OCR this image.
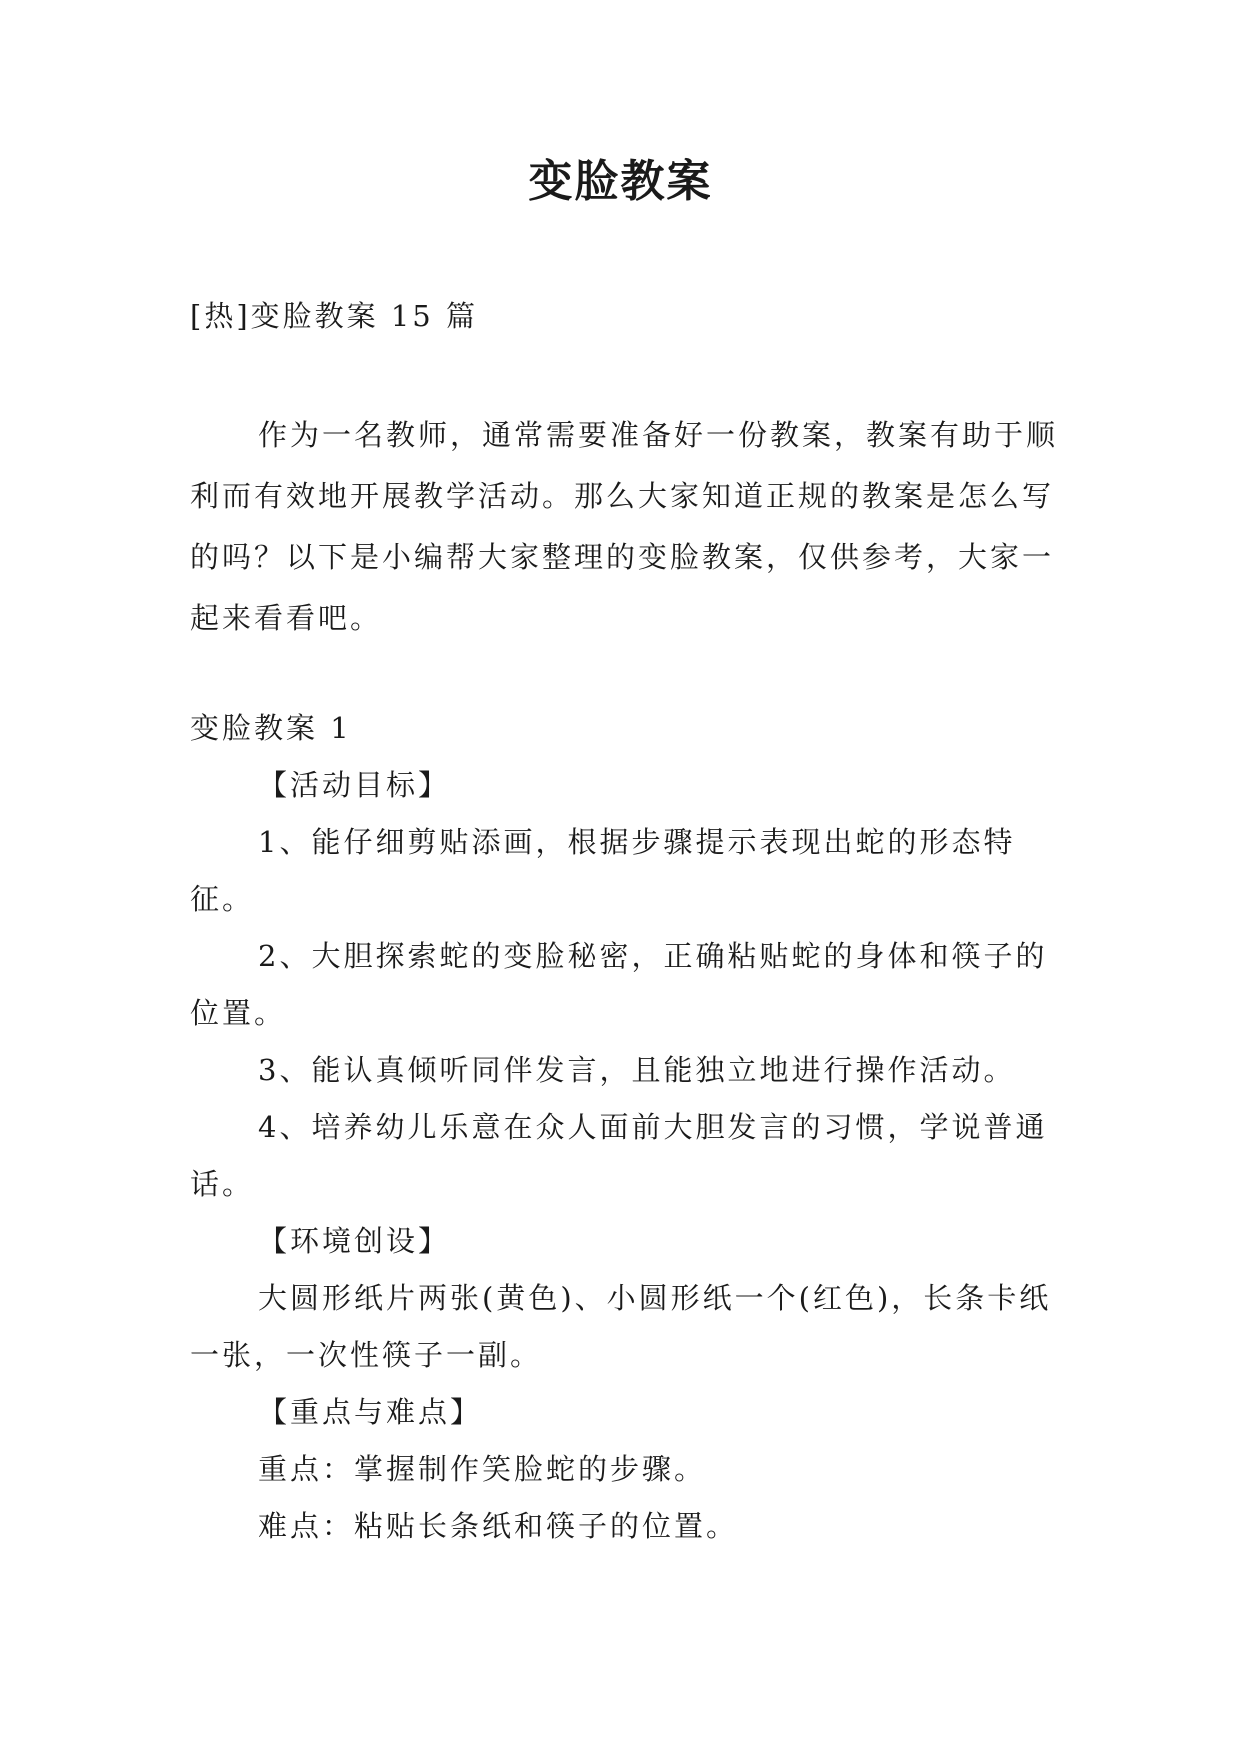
变脸教案

[热]变脸教案 15 篇

作为一名教师，通常需要准备好一份教案，教案有助于顺利而有效地开展教学活动。那么大家知道正规的教案是怎么写的吗？以下是小编帮大家整理的变脸教案，仅供参考，大家一起来看看吧。

变脸教案 1

【活动目标】

1、能仔细剪贴添画，根据步骤提示表现出蛇的形态特征。

2、大胆探索蛇的变脸秘密，正确粘贴蛇的身体和筷子的位置。

3、能认真倾听同伴发言，且能独立地进行操作活动。

4、培养幼儿乐意在众人面前大胆发言的习惯，学说普通话。

【环境创设】

大圆形纸片两张(黄色)、小圆形纸一个(红色)，长条卡纸一张，一次性筷子一副。

【重点与难点】

重点：掌握制作笑脸蛇的步骤。

难点：粘贴长条纸和筷子的位置。
